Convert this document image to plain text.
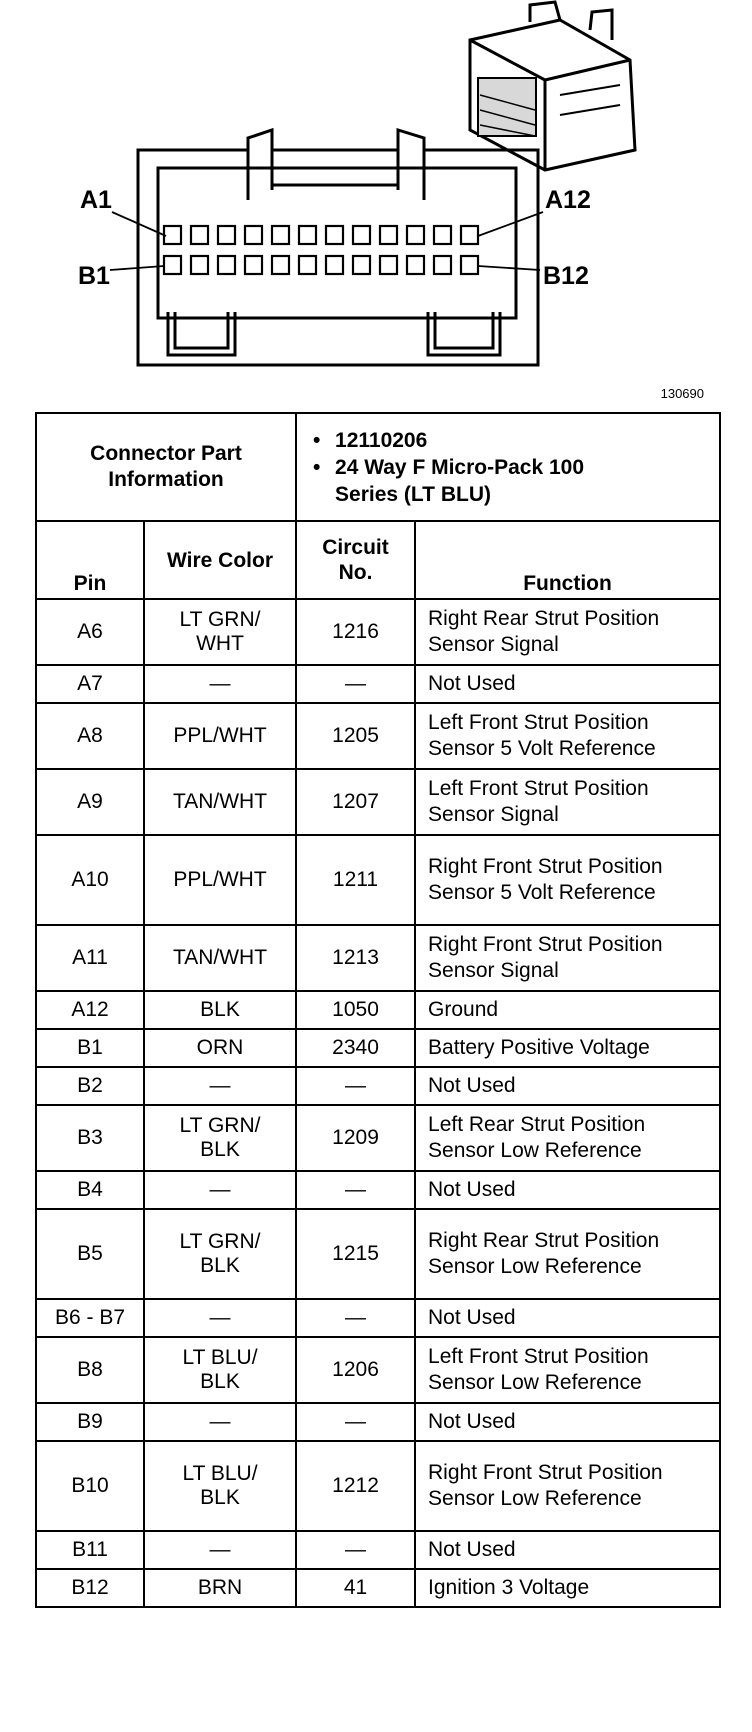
A1
B1
A12
B12
130690
Connector Part Information		• 12110206
• 24 Way F Micro-Pack 100 Series (LT BLU)

Pin	Wire Color	Circuit No.	Function
A6	LT GRN/ WHT	1216	Right Rear Strut Position Sensor Signal
A7	—	—	Not Used
A8	PPL/WHT	1205	Left Front Strut Position Sensor 5 Volt Reference
A9	TAN/WHT	1207	Left Front Strut Position Sensor Signal
A10	PPL/WHT	1211	Right Front Strut Position Sensor 5 Volt Reference
A11	TAN/WHT	1213	Right Front Strut Position Sensor Signal
A12	BLK	1050	Ground
B1	ORN	2340	Battery Positive Voltage
B2	—	—	Not Used
B3	LT GRN/ BLK	1209	Left Rear Strut Position Sensor Low Reference
B4	—	—	Not Used
B5	LT GRN/ BLK	1215	Right Rear Strut Position Sensor Low Reference
B6 - B7	—	—	Not Used
B8	LT BLU/ BLK	1206	Left Front Strut Position Sensor Low Reference
B9	—	—	Not Used
B10	LT BLU/ BLK	1212	Right Front Strut Position Sensor Low Reference
B11	—	—	Not Used
B12	BRN	41	Ignition 3 Voltage
